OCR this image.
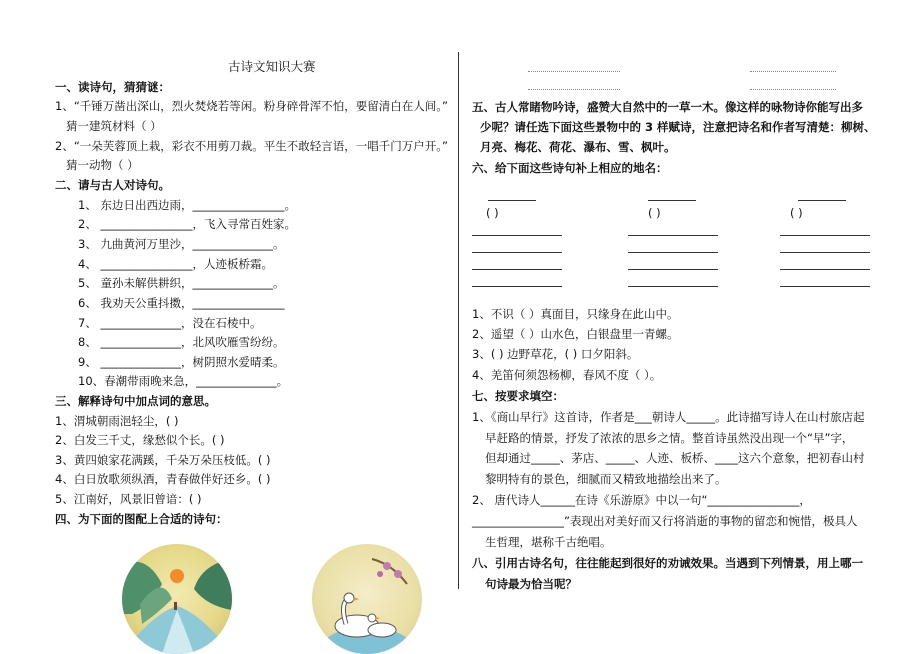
古诗文知识大赛
一、读诗句，猜猜谜：
1、“千锤万凿出深山，烈火焚烧若等闲。粉身碎骨浑不怕，要留清白在人间。”
猜一建筑材料（ ）
2、“一朵芙蓉顶上栽，彩衣不用剪刀裁。平生不敢轻言语，一唱千门万户开。”
猜一动物（ ）
二、请与古人对诗句。
1、 东边日出西边雨，________________。
2、 ________________，飞入寻常百姓家。
3、 九曲黄河万里沙，______________。
4、 ________________，人迹板桥霜。
5、 童孙未解供耕织，______________。
6、 我劝天公重抖擞，________________
7、 ______________，没在石棱中。
8、 ______________，北风吹雁雪纷纷。
9、 ______________，树阴照水爱晴柔。
10、春潮带雨晚来急，______________。
三、解释诗句中加点词的意思。
1、渭城朝雨浥轻尘，( )
2、白发三千丈，缘愁似个长。( )
3、黄四娘家花满蹊，千朵万朵压枝低。( )
4、白日放歌须纵酒，青春做伴好还乡。( )
5、江南好，风景旧曾谙：( )
四、为下面的图配上合适的诗句：
五、古人常睹物吟诗，盛赞大自然中的一草一木。像这样的咏物诗你能写出多
少呢？请任选下面这些景物中的 3 样赋诗，注意把诗名和作者写清楚：柳树、
月亮、梅花、荷花、瀑布、雪、枫叶。
六、给下面这些诗句补上相应的地名：
( )	( )	( )
1、不识（ ）真面目，只缘身在此山中。
2、遥望（ ）山水色，白银盘里一青螺。
3、( ) 边野草花，( ) 口夕阳斜。
4、羌笛何须怨杨柳，春风不度（ ）。
七、按要求填空：
1、《商山早行》这首诗，作者是___朝诗人_____。此诗描写诗人在山村旅店起
早赶路的情景，抒发了浓浓的思乡之情。整首诗虽然没出现一个“早”字，
但却通过_____、茅店、_____、人迹、板桥、____这六个意象，把初春山村
黎明特有的景色，细腻而又精致地描绘出来了。
2、 唐代诗人______在诗《乐游原》中以一句“________________，
________________”表现出对美好而又行将消逝的事物的留恋和惋惜，极具人
生哲理，堪称千古绝唱。
八、引用古诗名句，往往能起到很好的劝诫效果。当遇到下列情景，用上哪一
句诗最为恰当呢？
